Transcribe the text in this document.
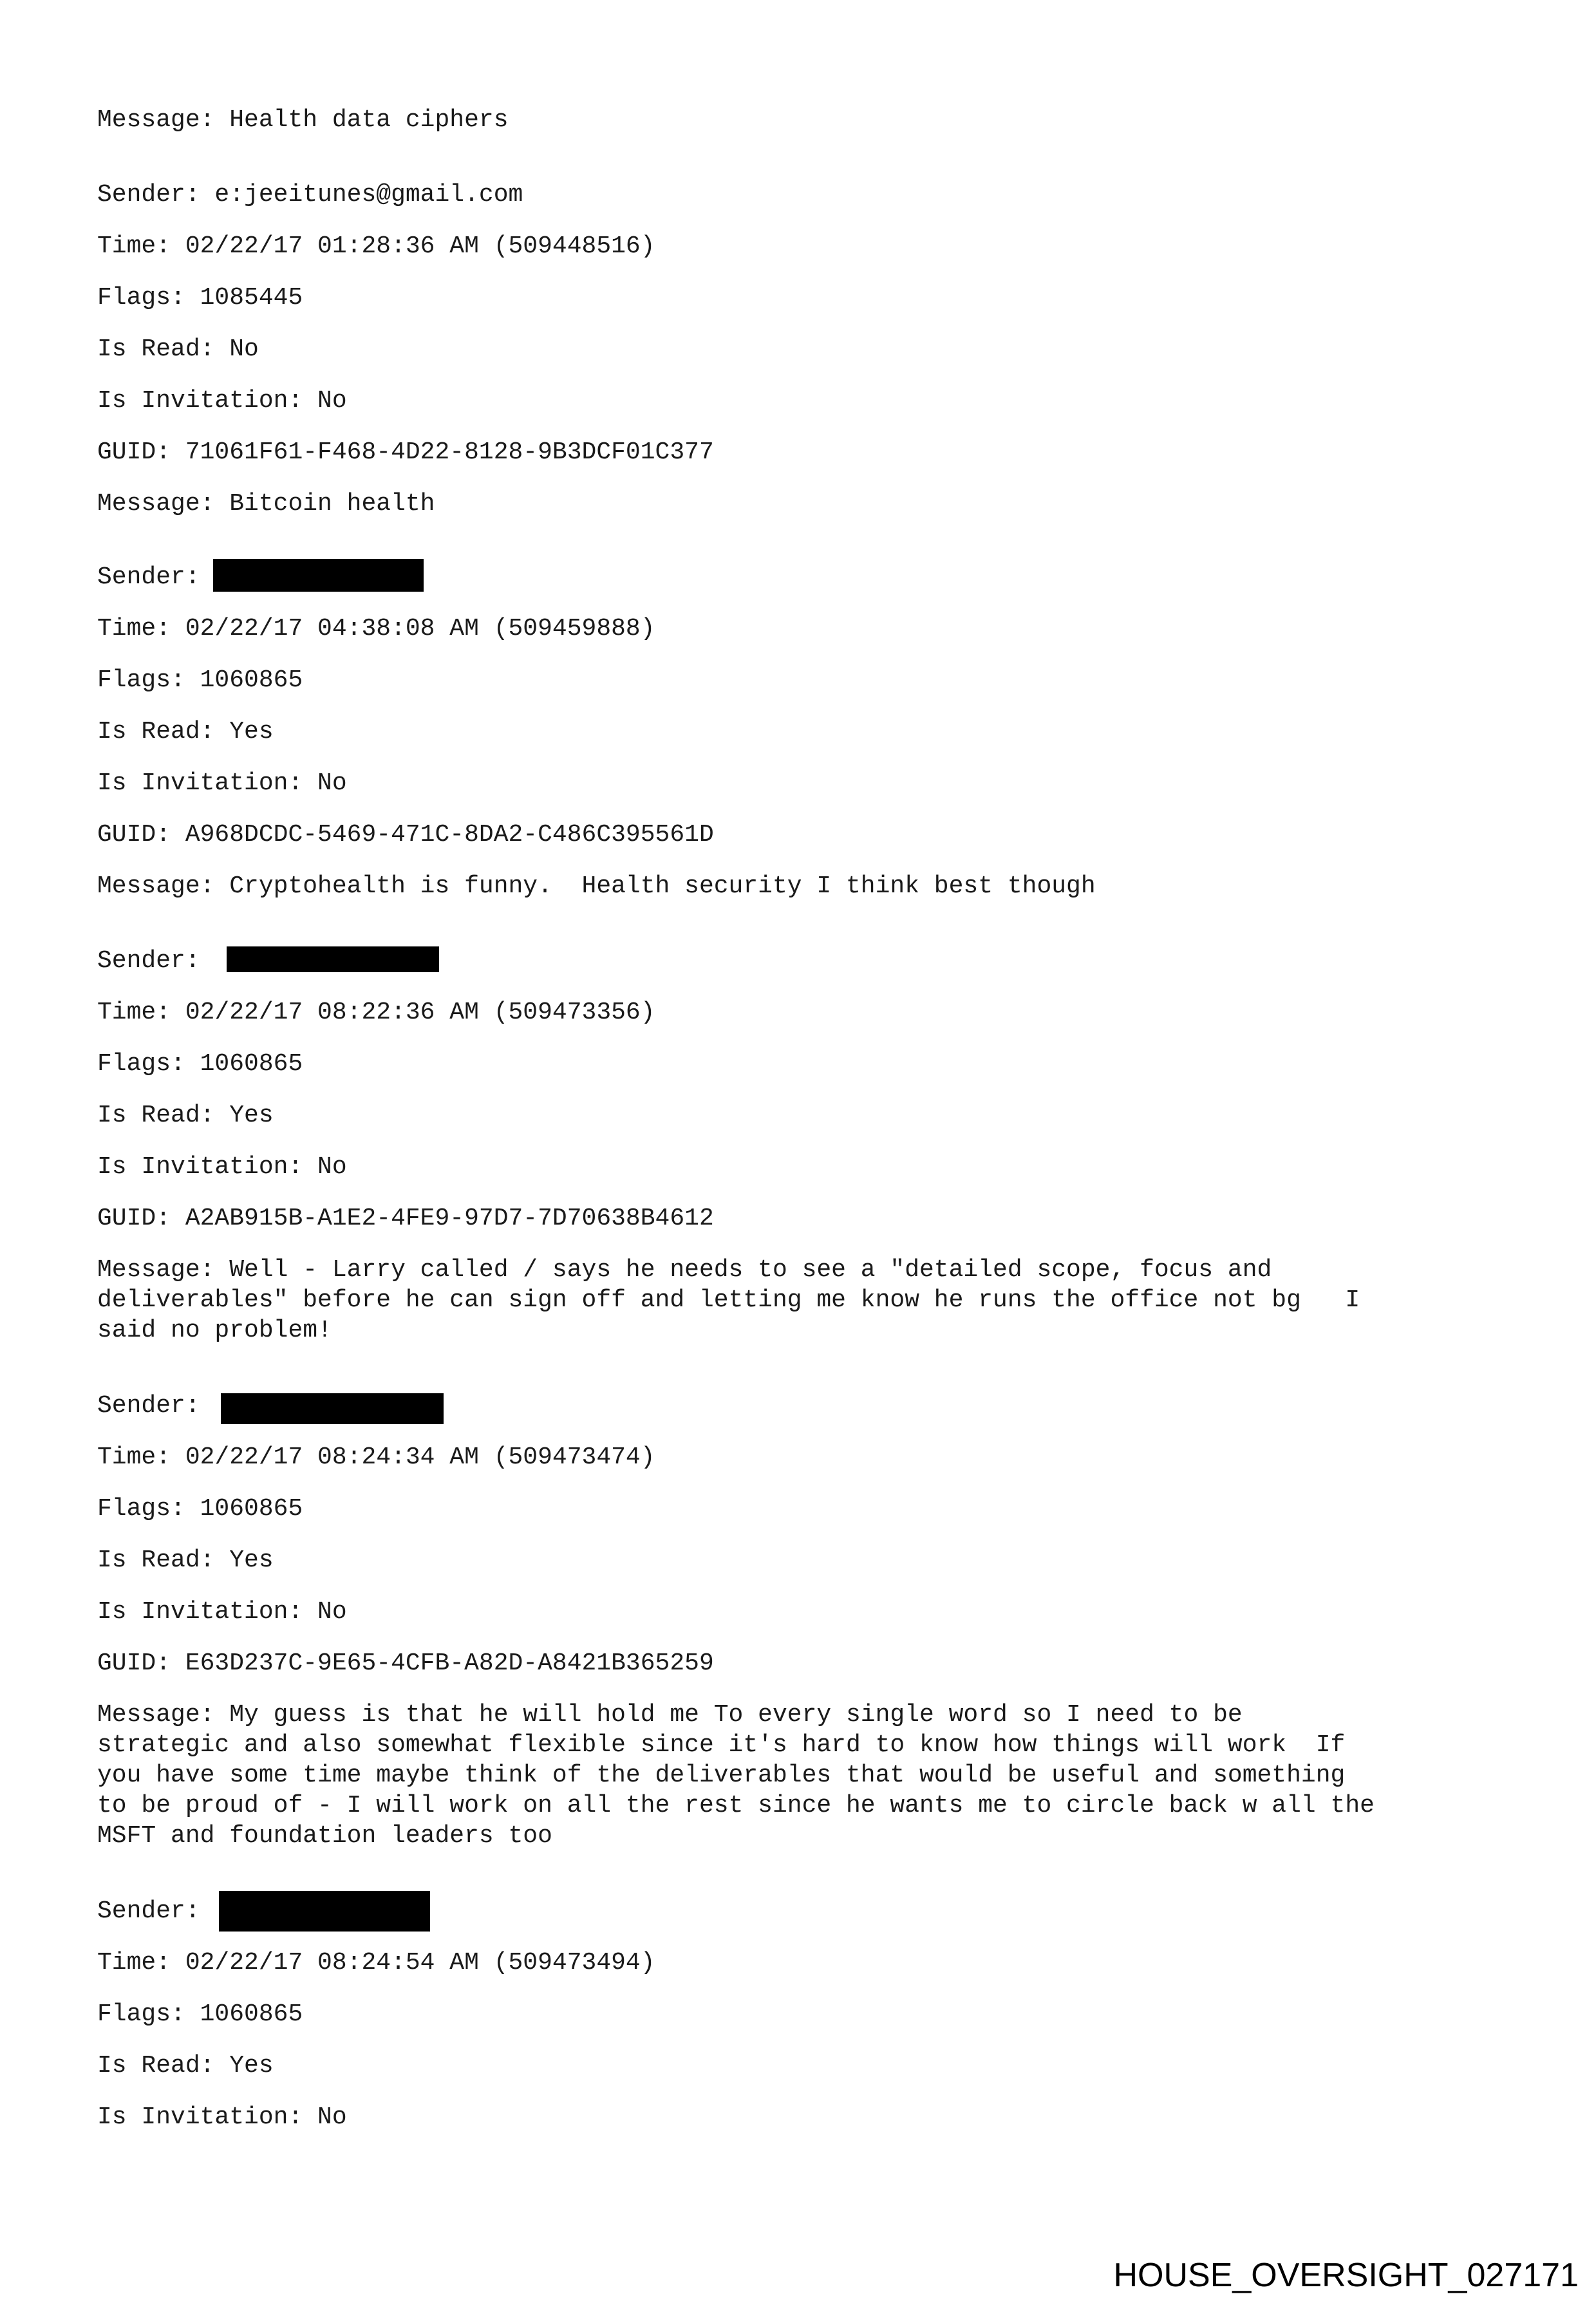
Message: Health data ciphers

Sender: e:jeeitunes@gmail.com

Time: 02/22/17 01:28:36 AM (509448516)

Flags: 1085445

Is Read: No

Is Invitation: No

GUID: 71061F61-F468-4D22-8128-9B3DCF01C377

Message: Bitcoin health

Sender:

Time: 02/22/17 04:38:08 AM (509459888)

Flags: 1060865

Is Read: Yes

Is Invitation: No

GUID: A968DCDC-5469-471C-8DA2-C486C395561D

Message: Cryptohealth is funny.  Health security I think best though

Sender:

Time: 02/22/17 08:22:36 AM (509473356)

Flags: 1060865

Is Read: Yes

Is Invitation: No

GUID: A2AB915B-A1E2-4FE9-97D7-7D70638B4612

Message: Well - Larry called / says he needs to see a "detailed scope, focus and

deliverables" before he can sign off and letting me know he runs the office not bg   I

said no problem!

Sender:

Time: 02/22/17 08:24:34 AM (509473474)

Flags: 1060865

Is Read: Yes

Is Invitation: No

GUID: E63D237C-9E65-4CFB-A82D-A8421B365259

Message: My guess is that he will hold me To every single word so I need to be

strategic and also somewhat flexible since it's hard to know how things will work  If

you have some time maybe think of the deliverables that would be useful and something

to be proud of - I will work on all the rest since he wants me to circle back w all the

MSFT and foundation leaders too

Sender:

Time: 02/22/17 08:24:54 AM (509473494)

Flags: 1060865

Is Read: Yes

Is Invitation: No

HOUSE_OVERSIGHT_027171
